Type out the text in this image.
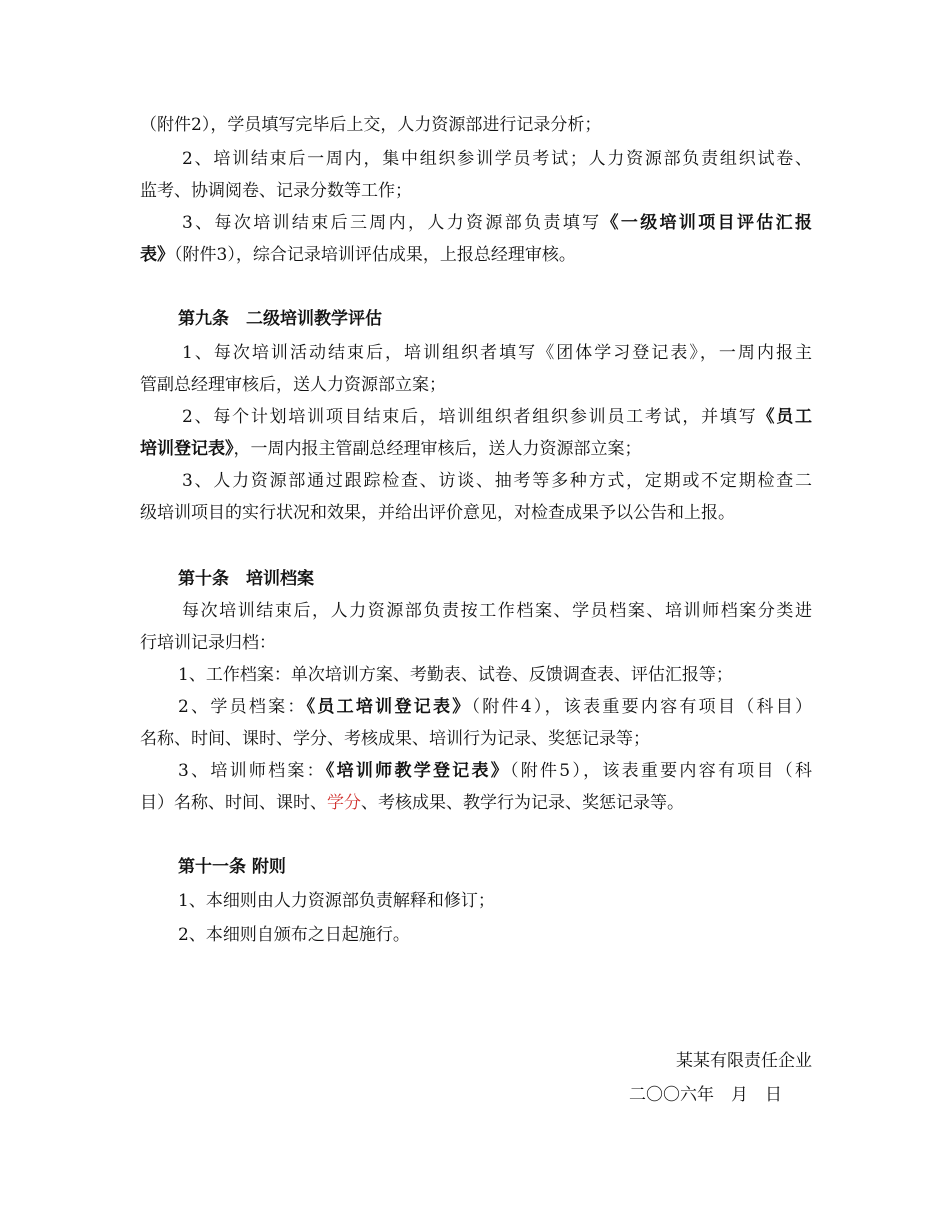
（附件2），学员填写完毕后上交，人力资源部进行记录分析；
2、培训结束后一周内，集中组织参训学员考试；人力资源部负责组织试卷、
监考、协调阅卷、记录分数等工作；
3、每次培训结束后三周内，人力资源部负责填写《一级培训项目评估汇报
表》（附件3），综合记录培训评估成果，上报总经理审核。
第九条　二级培训教学评估
1、每次培训活动结束后，培训组织者填写《团体学习登记表》，一周内报主
管副总经理审核后，送人力资源部立案；
2、每个计划培训项目结束后，培训组织者组织参训员工考试，并填写《员工
培训登记表》，一周内报主管副总经理审核后，送人力资源部立案；
3、人力资源部通过跟踪检查、访谈、抽考等多种方式，定期或不定期检查二
级培训项目的实行状况和效果，并给出评价意见，对检查成果予以公告和上报。
第十条　培训档案
每次培训结束后，人力资源部负责按工作档案、学员档案、培训师档案分类进
行培训记录归档：
1、工作档案：单次培训方案、考勤表、试卷、反馈调查表、评估汇报等；
2、学员档案：《员工培训登记表》（附件4），该表重要内容有项目（科目）
名称、时间、课时、学分、考核成果、培训行为记录、奖惩记录等；
3、培训师档案：《培训师教学登记表》（附件5），该表重要内容有项目（科
目）名称、时间、课时、学分、考核成果、教学行为记录、奖惩记录等。
第十一条 附则
1、本细则由人力资源部负责解释和修订；
2、本细则自颁布之日起施行。
某某有限责任企业
二〇〇六年　月　日
